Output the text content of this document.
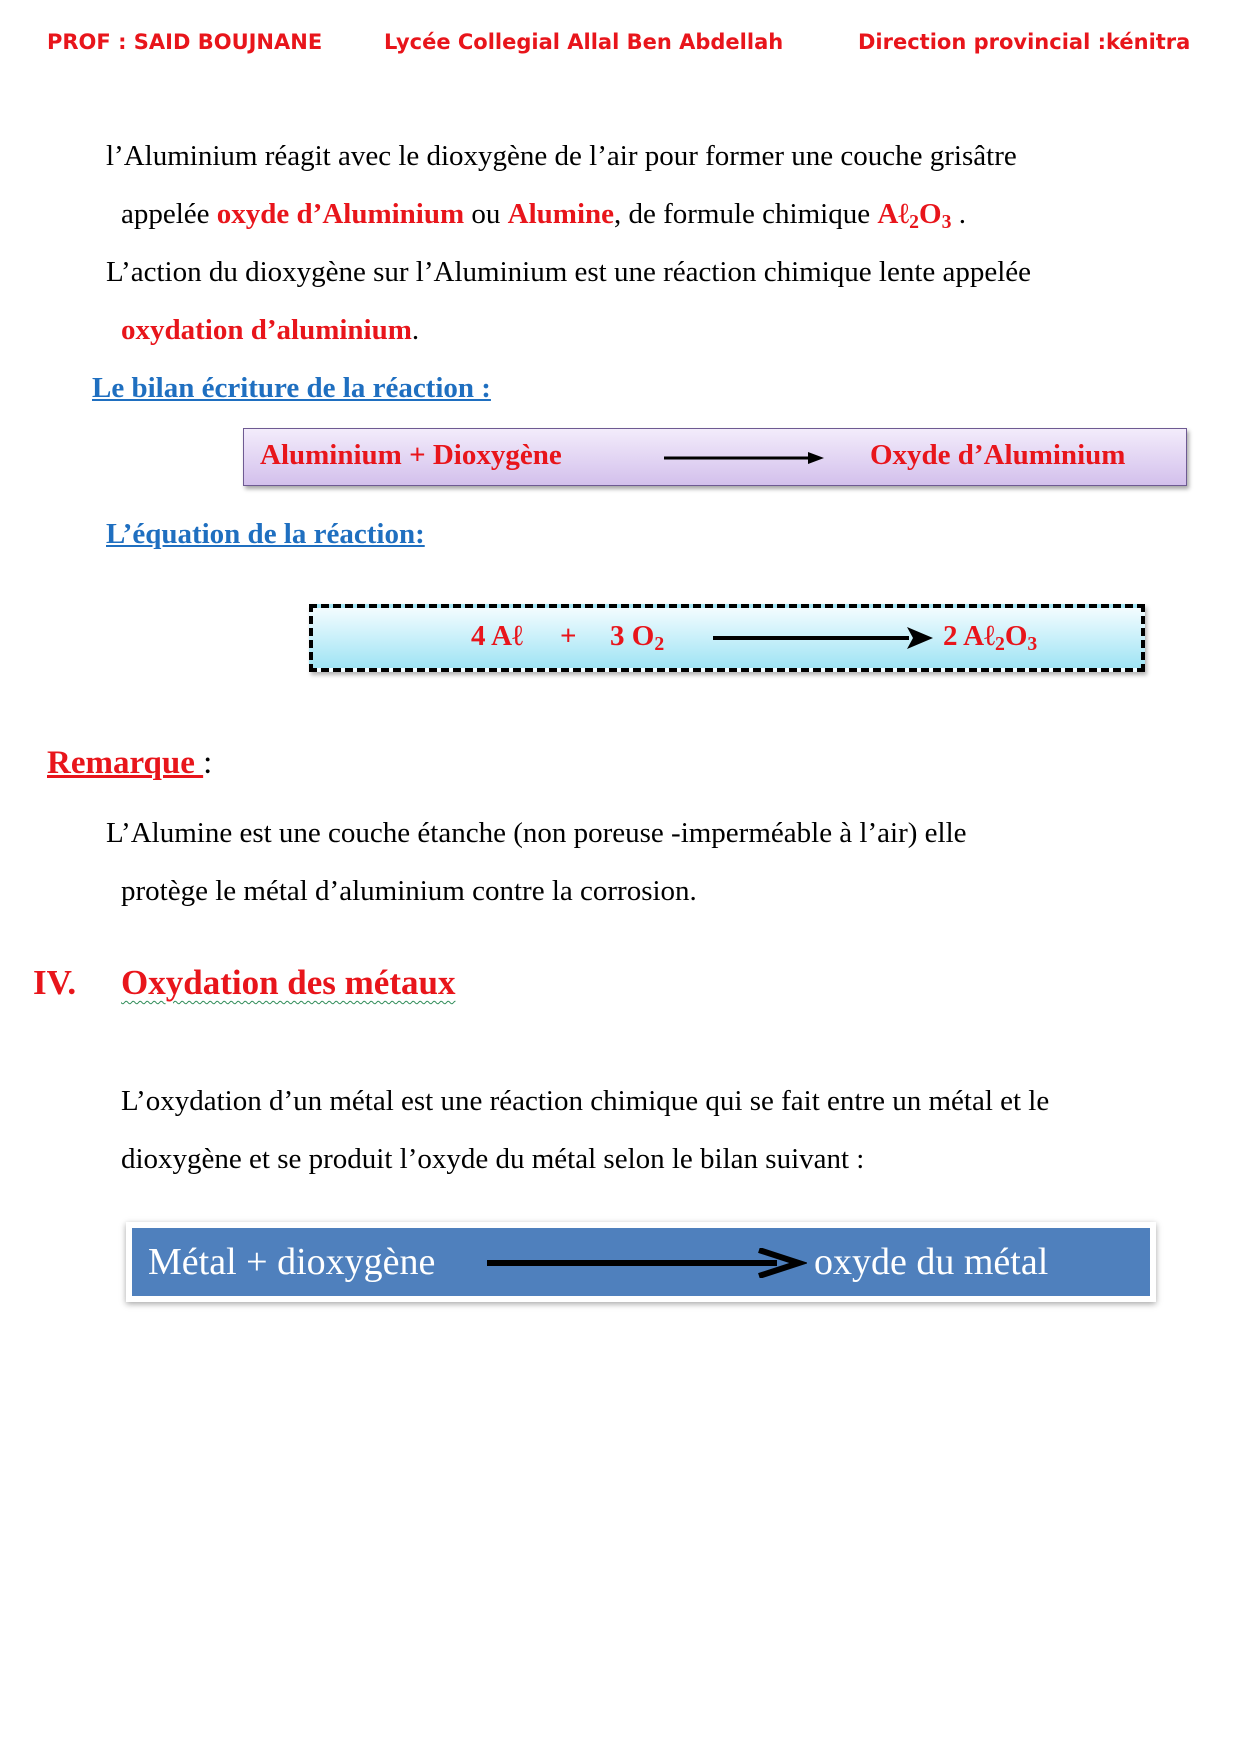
PROF : SAID BOUJNANE	Lycée Collegial Allal Ben Abdellah	Direction provincial :kénitra
l’Aluminium réagit avec le dioxygène de l’air pour former une couche grisâtre
appelée oxyde d’Aluminium ou Alumine, de formule chimique $A\ell_2O_3$ .
L’action du dioxygène sur l’Aluminium est une réaction chimique lente appelée
oxydation d’aluminium.
Le bilan écriture de la réaction :
Aluminium + Dioxygène	Oxyde d’Aluminium
L’équation de la réaction:
4 Aℓ + 3 $O_2$	2 $A\ell_2O_3$
Remarque :
L’Alumine est une couche étanche (non poreuse -imperméable à l’air) elle
protège le métal d’aluminium contre la corrosion.
IV. Oxydation des métaux
L’oxydation d’un métal est une réaction chimique qui se fait entre un métal et le
dioxygène et se produit l’oxyde du métal selon le bilan suivant :
Métal + dioxygène	oxyde du métal
